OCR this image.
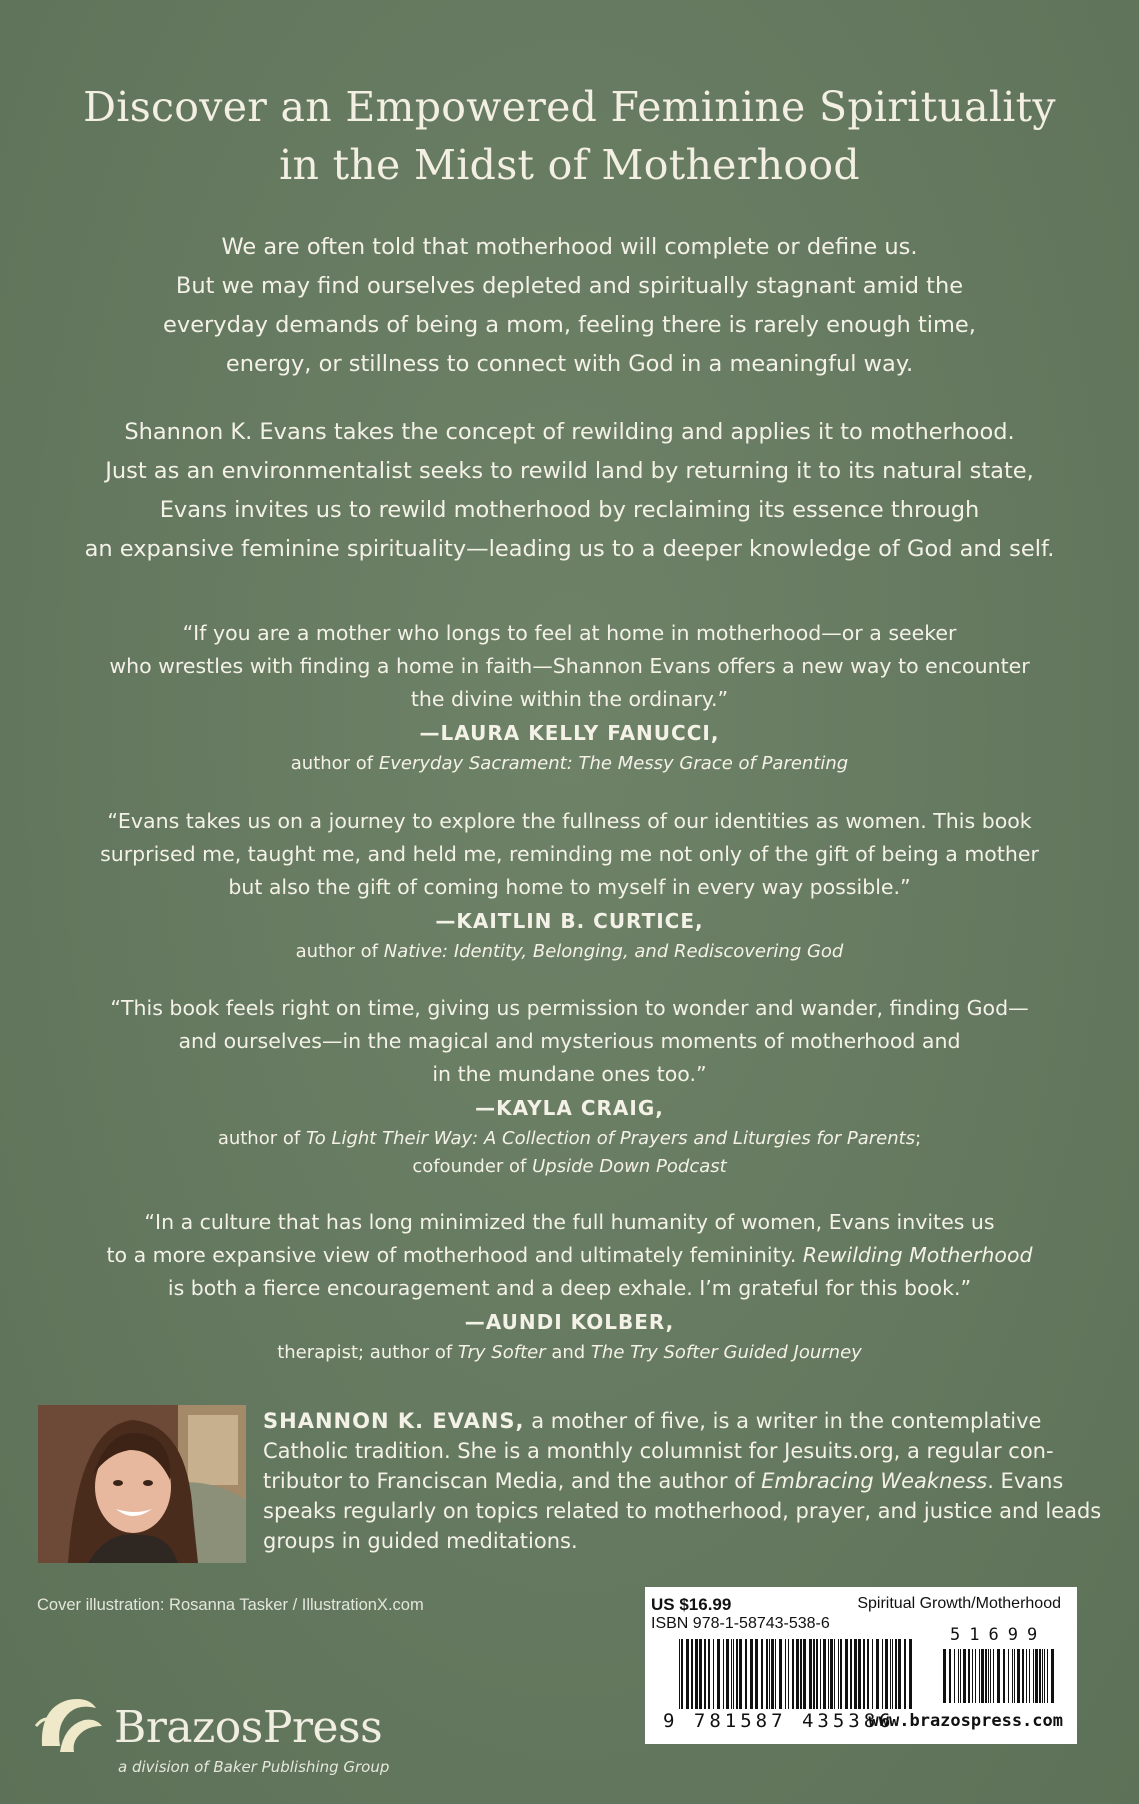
Discover an Empowered Feminine Spirituality
in the Midst of Motherhood

We are often told that motherhood will complete or define us.
But we may find ourselves depleted and spiritually stagnant amid the
everyday demands of being a mom, feeling there is rarely enough time,
energy, or stillness to connect with God in a meaningful way.

Shannon K. Evans takes the concept of rewilding and applies it to motherhood.
Just as an environmentalist seeks to rewild land by returning it to its natural state,
Evans invites us to rewild motherhood by reclaiming its essence through
an expansive feminine spirituality—leading us to a deeper knowledge of God and self.

“If you are a mother who longs to feel at home in motherhood—or a seeker
who wrestles with finding a home in faith—Shannon Evans offers a new way to encounter
the divine within the ordinary.”
—LAURA KELLY FANUCCI,
author of Everyday Sacrament: The Messy Grace of Parenting
“Evans takes us on a journey to explore the fullness of our identities as women. This book
surprised me, taught me, and held me, reminding me not only of the gift of being a mother
but also the gift of coming home to myself in every way possible.”
—KAITLIN B. CURTICE,
author of Native: Identity, Belonging, and Rediscovering God
“This book feels right on time, giving us permission to wonder and wander, finding God—
and ourselves—in the magical and mysterious moments of motherhood and
in the mundane ones too.”
—KAYLA CRAIG,
author of To Light Their Way: A Collection of Prayers and Liturgies for Parents;
cofounder of Upside Down Podcast
“In a culture that has long minimized the full humanity of women, Evans invites us
to a more expansive view of motherhood and ultimately femininity. Rewilding Motherhood
is both a fierce encouragement and a deep exhale. I’m grateful for this book.”
—AUNDI KOLBER,
therapist; author of Try Softer and The Try Softer Guided Journey

SHANNON K. EVANS, a mother of five, is a writer in the contemplative
Catholic tradition. She is a monthly columnist for Jesuits.org, a regular con-
tributor to Franciscan Media, and the author of Embracing Weakness. Evans
speaks regularly on topics related to motherhood, prayer, and justice and leads
groups in guided meditations.

Cover illustration: Rosanna Tasker / IllustrationX.com
BrazosPress
a division of Baker Publishing Group
US $16.99	Spiritual Growth/Motherhood
ISBN 978-1-58743-538-6
9 781587 435386
51699
www.brazospress.com
